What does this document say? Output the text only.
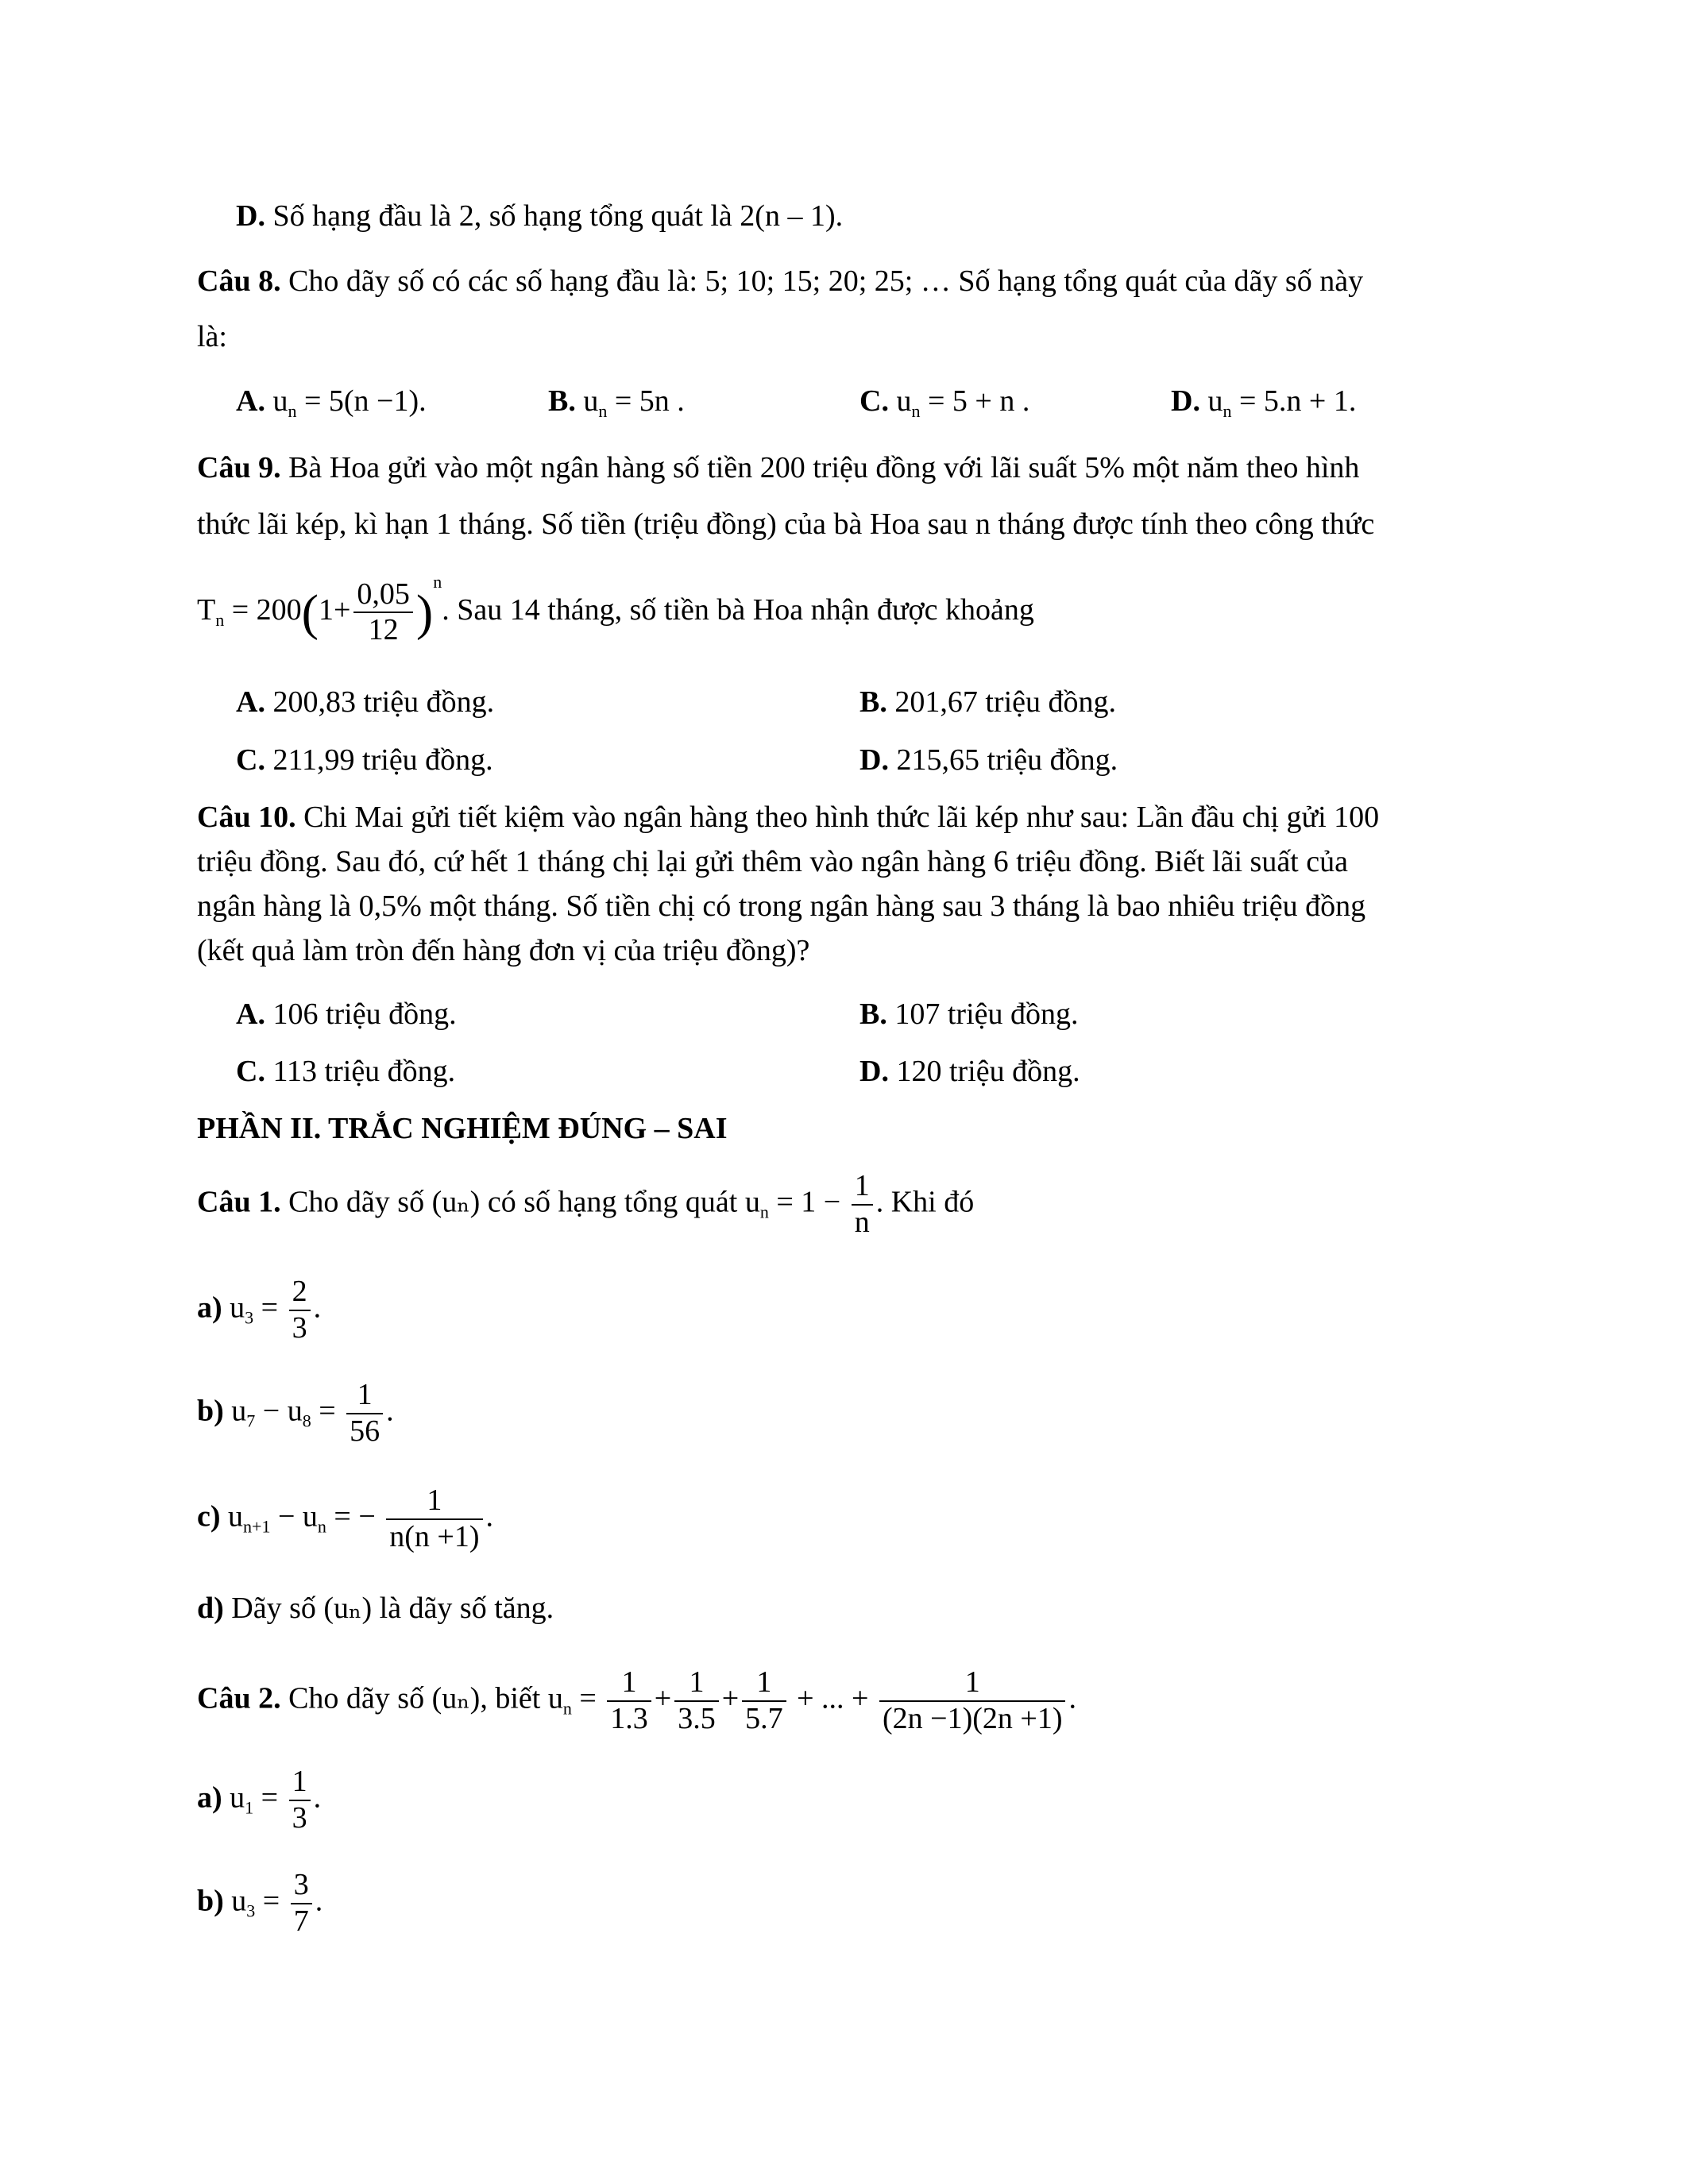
D. Số hạng đầu là 2, số hạng tổng quát là 2(n – 1).
Câu 8. Cho dãy số có các số hạng đầu là: 5; 10; 15; 20; 25; … Số hạng tổng quát của dãy số này
là:
A. $u_n = 5(n -1)$.	B. $u_n = 5n$ .	C. $u_n = 5 + n$ .	D. $u_n = 5.n + 1$.
Câu 9. Bà Hoa gửi vào một ngân hàng số tiền 200 triệu đồng với lãi suất 5% một năm theo hình
thức lãi kép, kì hạn 1 tháng. Số tiền (triệu đồng) của bà Hoa sau n tháng được tính theo công thức
$T_n = 200(1+ \frac{0,05}{12} )^n$. Sau 14 tháng, số tiền bà Hoa nhận được khoảng
A. 200,83 triệu đồng.	B. 201,67 triệu đồng.
C. 211,99 triệu đồng.	D. 215,65 triệu đồng.
Câu 10. Chi Mai gửi tiết kiệm vào ngân hàng theo hình thức lãi kép như sau: Lần đầu chị gửi 100
triệu đồng. Sau đó, cứ hết 1 tháng chị lại gửi thêm vào ngân hàng 6 triệu đồng. Biết lãi suất của
ngân hàng là 0,5% một tháng. Số tiền chị có trong ngân hàng sau 3 tháng là bao nhiêu triệu đồng
(kết quả làm tròn đến hàng đơn vị của triệu đồng)?
A. 106 triệu đồng.	B. 107 triệu đồng.
C. 113 triệu đồng.	D. 120 triệu đồng.
PHẦN II. TRẮC NGHIỆM ĐÚNG – SAI
Câu 1. Cho dãy số (uₙ) có số hạng tổng quát $u_n = 1 - \frac{1}{n}$ . Khi đó
a) $u_3 = \frac{2}{3}$ .
b) $u_7 - u_8 = \frac{1}{56}$ .
c) $u_{n+1} - u_n$ = − $\frac{1}{n(n +1)}$ .
d) Dãy số (uₙ) là dãy số tăng.
Câu 2. Cho dãy số (uₙ), biết $u_n = \frac{1}{1.3} + \frac{1}{3.5} + \frac{1}{5.7}$ + ... + $\frac{1}{(2n -1)(2n +1)}$ .
a) $u_1 = \frac{1}{3}$ .
b) $u_3 = \frac{3}{7}$ .
